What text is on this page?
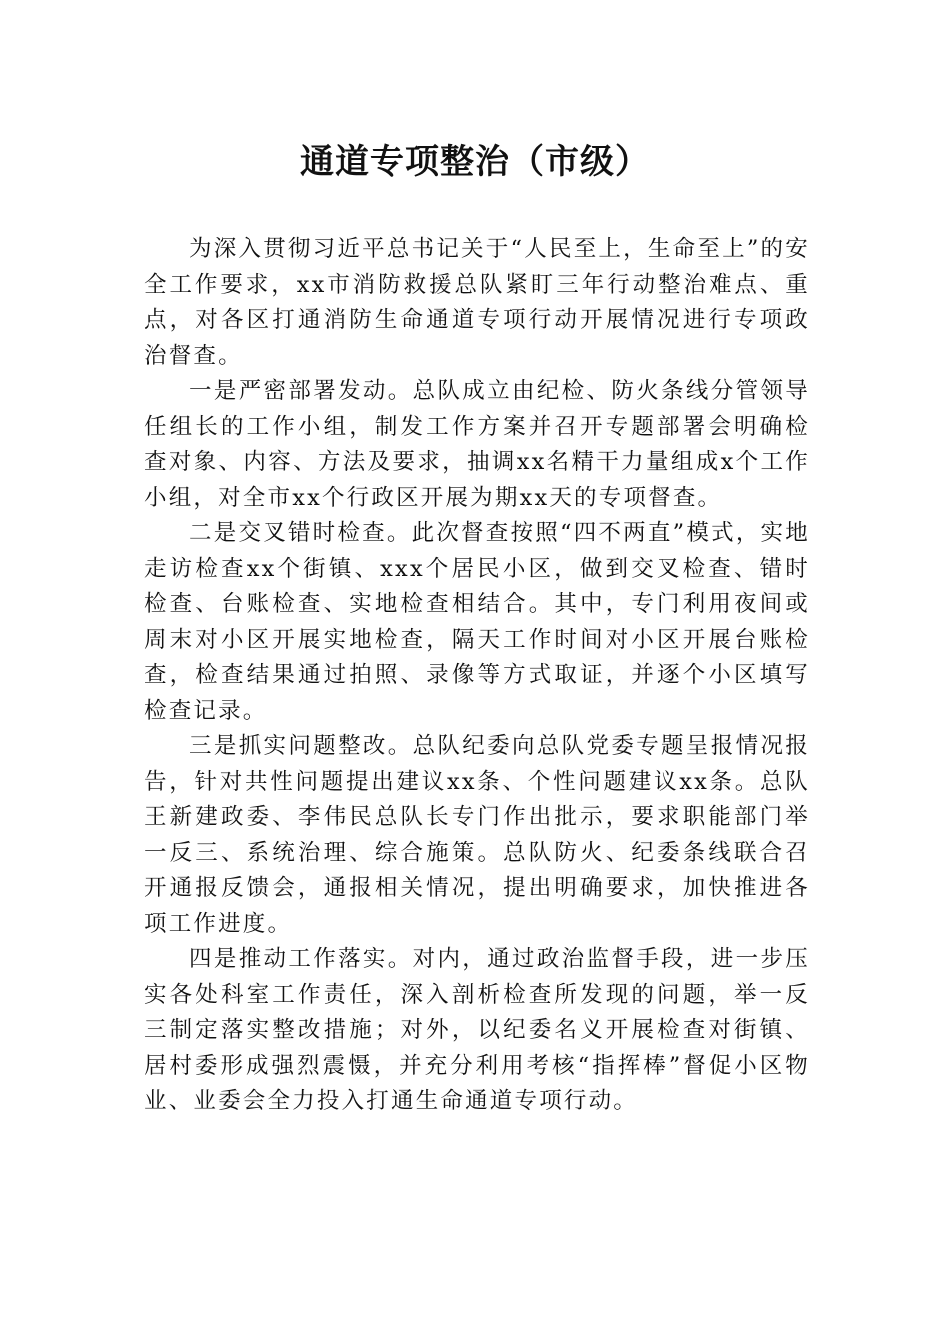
通道专项整治（市级）

为深入贯彻习近平总书记关于“人民至上，生命至上”的安全工作要求，xx市消防救援总队紧盯三年行动整治难点、重点，对各区打通消防生命通道专项行动开展情况进行专项政治督查。

一是严密部署发动。总队成立由纪检、防火条线分管领导任组长的工作小组，制发工作方案并召开专题部署会明确检查对象、内容、方法及要求，抽调xx名精干力量组成x个工作小组，对全市xx个行政区开展为期xx天的专项督查。

二是交叉错时检查。此次督查按照“四不两直”模式，实地走访检查xx个街镇、xxx个居民小区，做到交叉检查、错时检查、台账检查、实地检查相结合。其中，专门利用夜间或周末对小区开展实地检查，隔天工作时间对小区开展台账检查，检查结果通过拍照、录像等方式取证，并逐个小区填写检查记录。

三是抓实问题整改。总队纪委向总队党委专题呈报情况报告，针对共性问题提出建议xx条、个性问题建议xx条。总队王新建政委、李伟民总队长专门作出批示，要求职能部门举一反三、系统治理、综合施策。总队防火、纪委条线联合召开通报反馈会，通报相关情况，提出明确要求，加快推进各项工作进度。

四是推动工作落实。对内，通过政治监督手段，进一步压实各处科室工作责任，深入剖析检查所发现的问题，举一反三制定落实整改措施；对外，以纪委名义开展检查对街镇、居村委形成强烈震慑，并充分利用考核“指挥棒”督促小区物业、业委会全力投入打通生命通道专项行动。
